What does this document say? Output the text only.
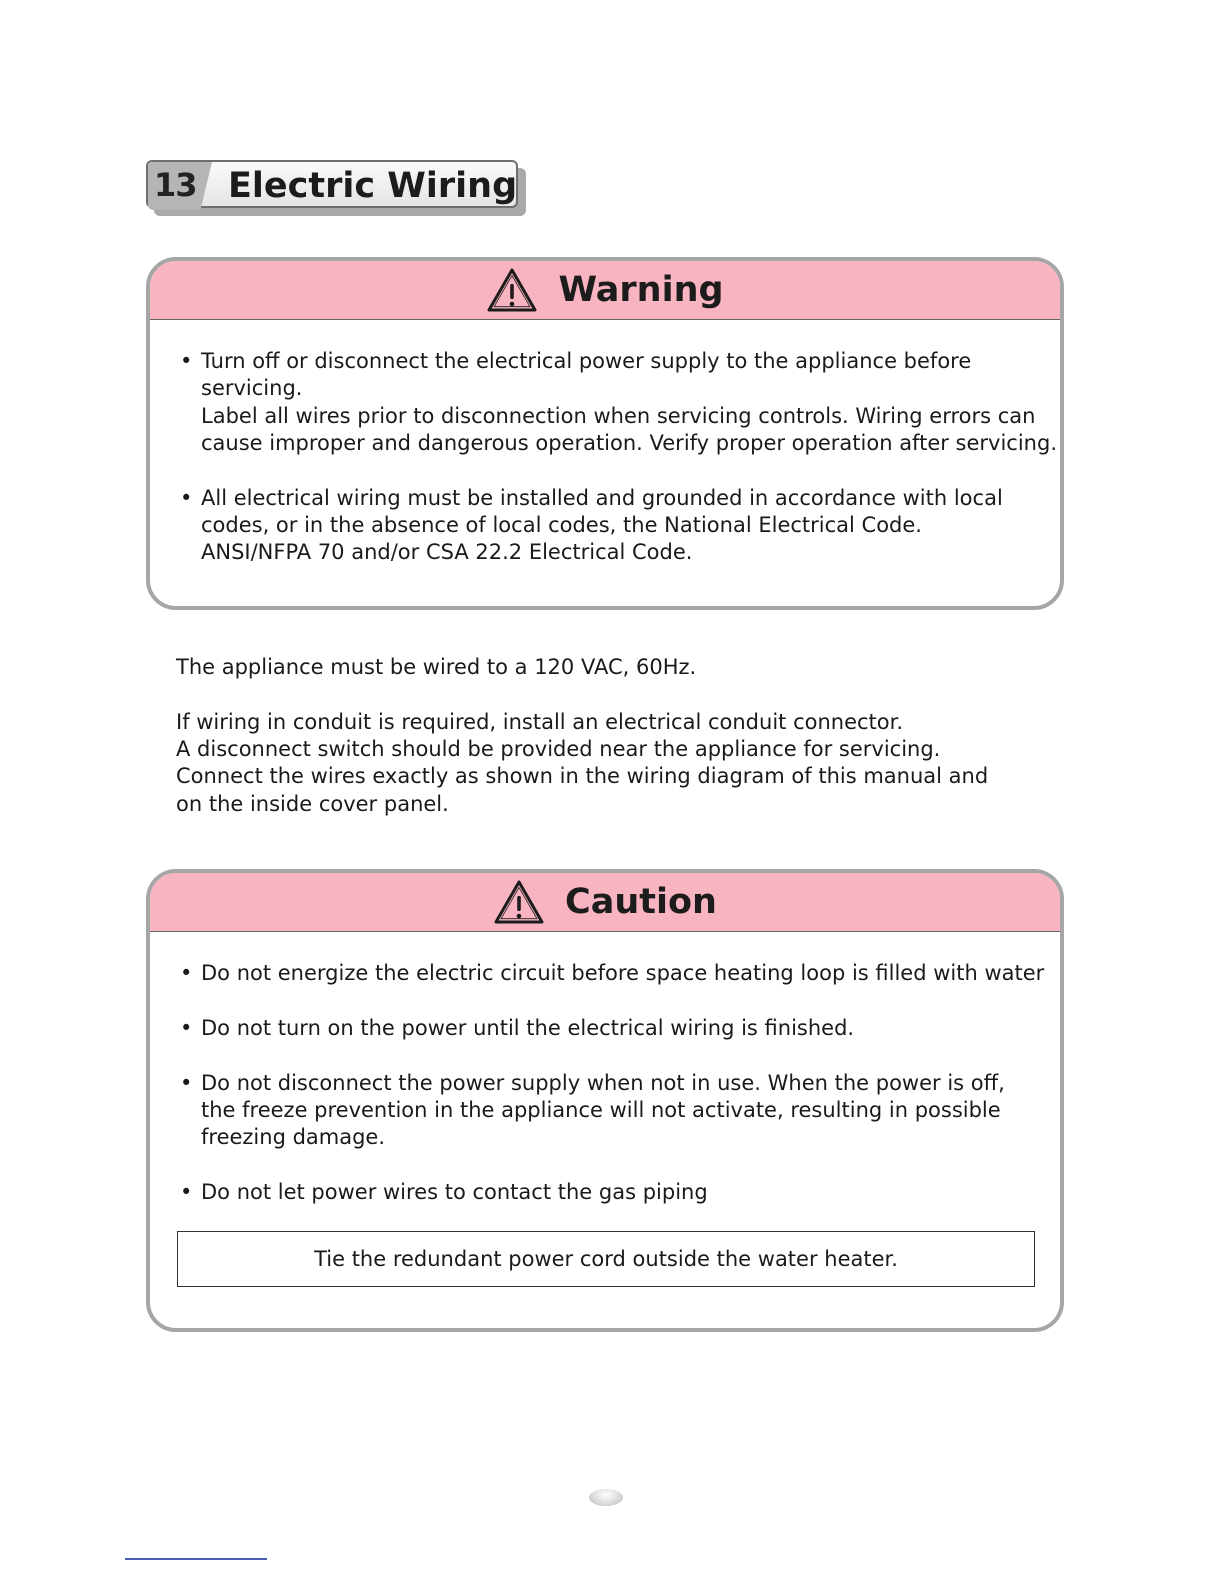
13 Electric Wiring
Warning
• Turn off or disconnect the electrical power supply to the appliance before
servicing.
Label all wires prior to disconnection when servicing controls. Wiring errors can
cause improper and dangerous operation. Verify proper operation after servicing.
• All electrical wiring must be installed and grounded in accordance with local
codes, or in the absence of local codes, the National Electrical Code.
ANSI/NFPA 70 and/or CSA 22.2 Electrical Code.
The appliance must be wired to a 120 VAC, 60Hz.
If wiring in conduit is required, install an electrical conduit connector.
A disconnect switch should be provided near the appliance for servicing.
Connect the wires exactly as shown in the wiring diagram of this manual and
on the inside cover panel.
Caution
• Do not energize the electric circuit before space heating loop is filled with water
• Do not turn on the power until the electrical wiring is finished.
• Do not disconnect the power supply when not in use. When the power is off,
the freeze prevention in the appliance will not activate, resulting in possible
freezing damage.
• Do not let power wires to contact the gas piping
Tie the redundant power cord outside the water heater.
